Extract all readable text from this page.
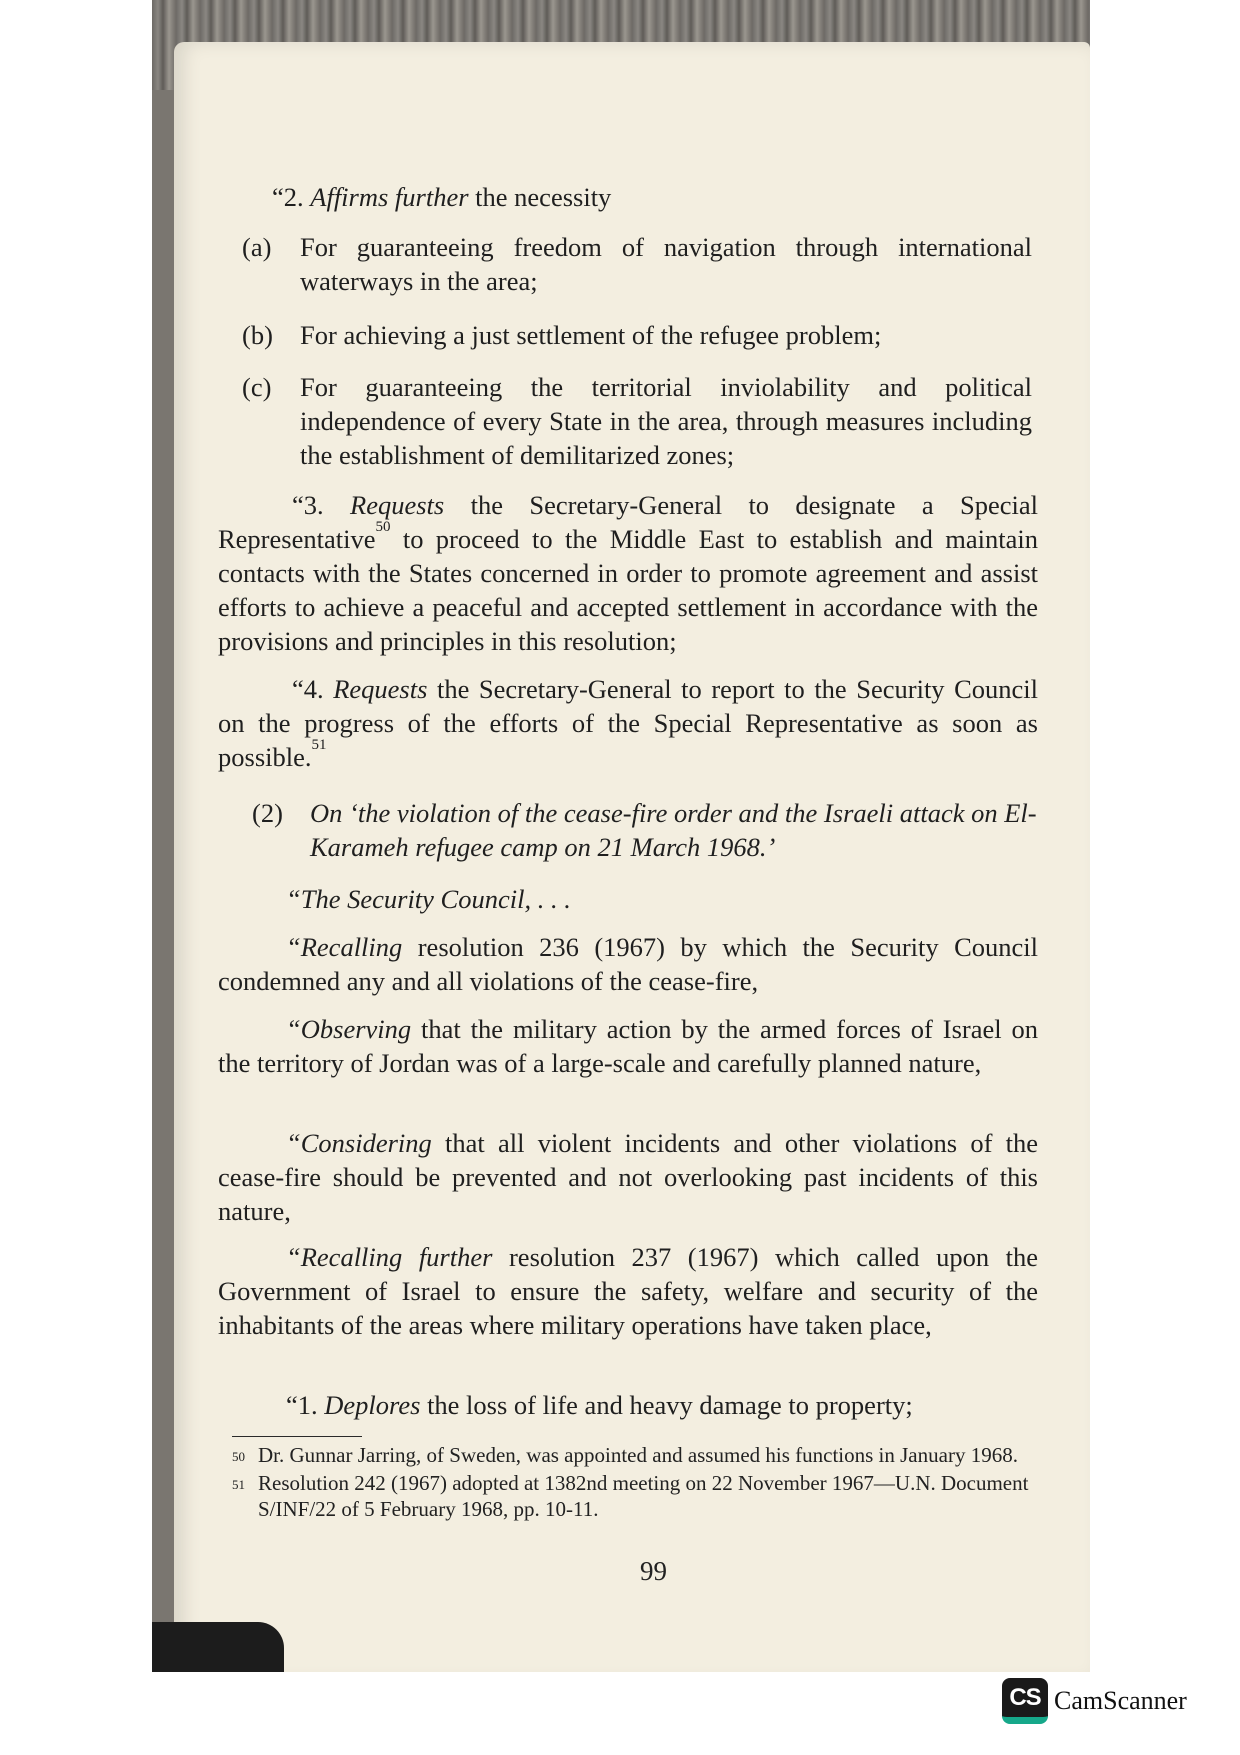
“2. Affirms further the necessity
(a)	For guaranteeing freedom of navigation through international waterways in the area;
(b)	For achieving a just settlement of the refugee problem;
(c)	For guaranteeing the territorial inviolability and political independence of every State in the area, through measures including the establishment of demilitarized zones;
“3. Requests the Secretary-General to designate a Special Representative$^{50}$ to proceed to the Middle East to establish and maintain contacts with the States concerned in order to promote agreement and assist efforts to achieve a peaceful and accepted settlement in accordance with the provisions and principles in this resolution;
“4. Requests the Secretary-General to report to the Security Council on the progress of the efforts of the Special Representative as soon as possible.$^{51}$
(2)	On ‘the violation of the cease-fire order and the Israeli attack on El-Karameh refugee camp on 21 March 1968.’
“The Security Council, . . .
“Recalling resolution 236 (1967) by which the Security Council condemned any and all violations of the cease-fire,
“Observing that the military action by the armed forces of Israel on the territory of Jordan was of a large-scale and carefully planned nature,
“Considering that all violent incidents and other violations of the cease-fire should be prevented and not overlooking past incidents of this nature,
“Recalling further resolution 237 (1967) which called upon the Government of Israel to ensure the safety, welfare and security of the inhabitants of the areas where military operations have taken place,
“1. Deplores the loss of life and heavy damage to property;
50 Dr. Gunnar Jarring, of Sweden, was appointed and assumed his functions in January 1968.
51 Resolution 242 (1967) adopted at 1382nd meeting on 22 November 1967—U.N. Document S/INF/22 of 5 February 1968, pp. 10-11.
99
CS CamScanner
